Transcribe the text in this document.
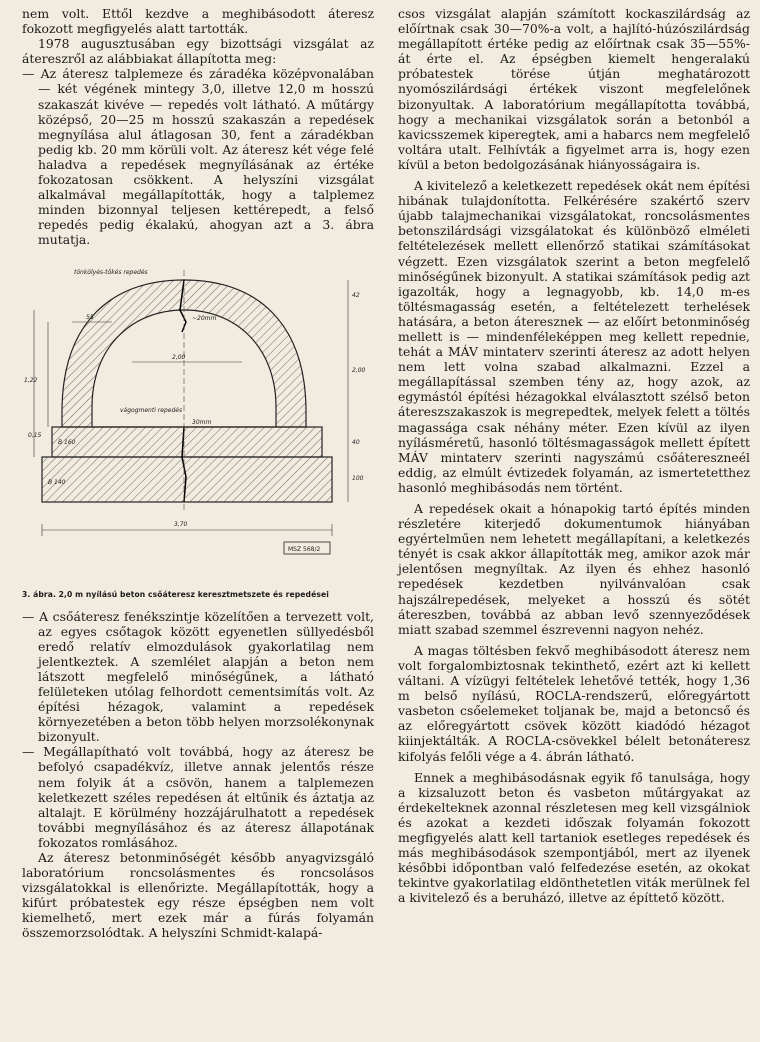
nem volt. Ettől kezdve a meghibásodott áteresz fokozott megfigyelés alatt tartották.

1978 augusztusában egy bizottsági vizsgálat az átereszről az alábbiakat állapította meg:

— Az áteresz talplemeze és záradéka középvonalában — két végének mintegy 3,0, illetve 12,0 m hosszú szakaszát kivéve — repedés volt látható. A műtárgy középső, 20—25 m hosszú szakaszán a repedések megnyílása alul átlagosan 30, fent a záradékban pedig kb. 20 mm körüli volt. Az áteresz két vége felé haladva a repedések megnyílásának az értéke fokozatosan csökkent. A helyszíni vizsgálat alkalmával megállapították, hogy a talplemez minden bizonnyal teljesen kettérepedt, a felső repedés pedig ékalakú, ahogyan azt a 3. ábra mutatja.

tönkölyés-tőkés repedés
vágogmenti repedés
55	~20mm
30mm
2,00
2,00
1,22
42
40
100
0,15
B 160
B 140
3,70
MSZ 568/2
3. ábra. 2,0 m nyílású beton csőáteresz keresztmetszete és repedései

— A csőáteresz fenékszintje közelítően a tervezett volt, az egyes csőtagok között egyenetlen süllyedésből eredő relatív elmozdulások gyakorlatilag nem jelentkeztek. A szemlélet alapján a beton nem látszott megfelelő minőségűnek, a látható felületeken utólag felhordott cementsimítás volt. Az építési hézagok, valamint a repedések környezetében a beton több helyen morzsolékonynak bizonyult.

— Megállapítható volt továbbá, hogy az áteresz be befolyó csapadékvíz, illetve annak jelentős része nem folyik át a csövön, hanem a talplemezen keletkezett széles repedésen át eltűnik és áztatja az altalajt. E körülmény hozzájárulhatott a repedések további megnyílásához és az áteresz állapotának fokozatos romlásához.

Az áteresz betonminőségét később anyagvizsgáló laboratórium roncsolásmentes és roncsolásos vizsgálatokkal is ellenőrizte. Megállapították, hogy a kifúrt próbatestek egy része épségben nem volt kiemelhető, mert ezek már a fúrás folyamán összemorzsolódtak. A helyszíni Schmidt-kalapá-

csos vizsgálat alapján számított kockaszilárdság az előírtnak csak 30—70%-a volt, a hajlító-húzószilárdság megállapított értéke pedig az előírtnak csak 35—55%-át érte el. Az épségben kiemelt hengeralakú próbatestek törése útján meghatározott nyomószilárdsági értékek viszont megfelelőnek bizonyultak. A laboratórium megállapította továbbá, hogy a mechanikai vizsgálatok során a betonból a kavicsszemek kiperegtek, ami a habarcs nem megfelelő voltára utalt. Felhívták a figyelmet arra is, hogy ezen kívül a beton bedolgozásának hiányosságaira is.

A kivitelező a keletkezett repedések okát nem építési hibának tulajdonította. Felkérésére szakértő szerv újabb talajmechanikai vizsgálatokat, roncsolásmentes betonszilárdsági vizsgálatokat és különböző elméleti feltételezések mellett ellenőrző statikai számításokat végzett. Ezen vizsgálatok szerint a beton megfelelő minőségűnek bizonyult. A statikai számítások pedig azt igazolták, hogy a legnagyobb, kb. 14,0 m-es töltésmagasság esetén, a feltételezett terhelések hatására, a beton áteresznek — az előírt betonminőség mellett is — mindenféleképpen meg kellett repednie, tehát a MÁV mintaterv szerinti áteresz az adott helyen nem lett volna szabad alkalmazni. Ezzel a megállapítással szemben tény az, hogy azok, az egymástól építési hézagokkal elválasztott szélső beton átereszszakaszok is megrepedtek, melyek felett a töltés magassága csak néhány méter. Ezen kívül az ilyen nyílásméretű, hasonló töltésmagasságok mellett épített MÁV mintaterv szerinti nagyszámú csőátereszneél eddig, az elmúlt évtizedek folyamán, az ismertetetthez hasonló meghibásodás nem történt.

A repedések okait a hónapokig tartó építés minden részletére kiterjedő dokumentumok hiányában egyértelműen nem lehetett megállapítani, a keletkezés tényét is csak akkor állapították meg, amikor azok már jelentősen megnyíltak. Az ilyen és ehhez hasonló repedések kezdetben nyilvánvalóan csak hajszálrepedések, melyeket a hosszú és sötét átereszben, továbbá az abban levő szennyeződések miatt szabad szemmel észrevenni nagyon nehéz.

A magas töltésben fekvő meghibásodott áteresz nem volt forgalombiztosnak tekinthető, ezért azt ki kellett váltani. A vízügyi feltételek lehetővé tették, hogy 1,36 m belső nyílású, ROCLA-rendszerű, előregyártott vasbeton csőelemeket toljanak be, majd a betoncső és az előregyártott csövek között kiadódó hézagot kiinjektálták. A ROCLA-csövekkel bélelt betonáteresz kifolyás felőli vége a 4. ábrán látható.

Ennek a meghibásodásnak egyik fő tanulsága, hogy a kizsaluzott beton és vasbeton műtárgyakat az érdekelteknek azonnal részletesen meg kell vizsgálniok és azokat a kezdeti időszak folyamán fokozott megfigyelés alatt kell tartaniok esetleges repedések és más meghibásodások szempontjából, mert az ilyenek későbbi időpontban való felfedezése esetén, az okokat tekintve gyakorlatilag eldönthetetlen viták merülnek fel a kivitelező és a beruházó, illetve az építtető között.
